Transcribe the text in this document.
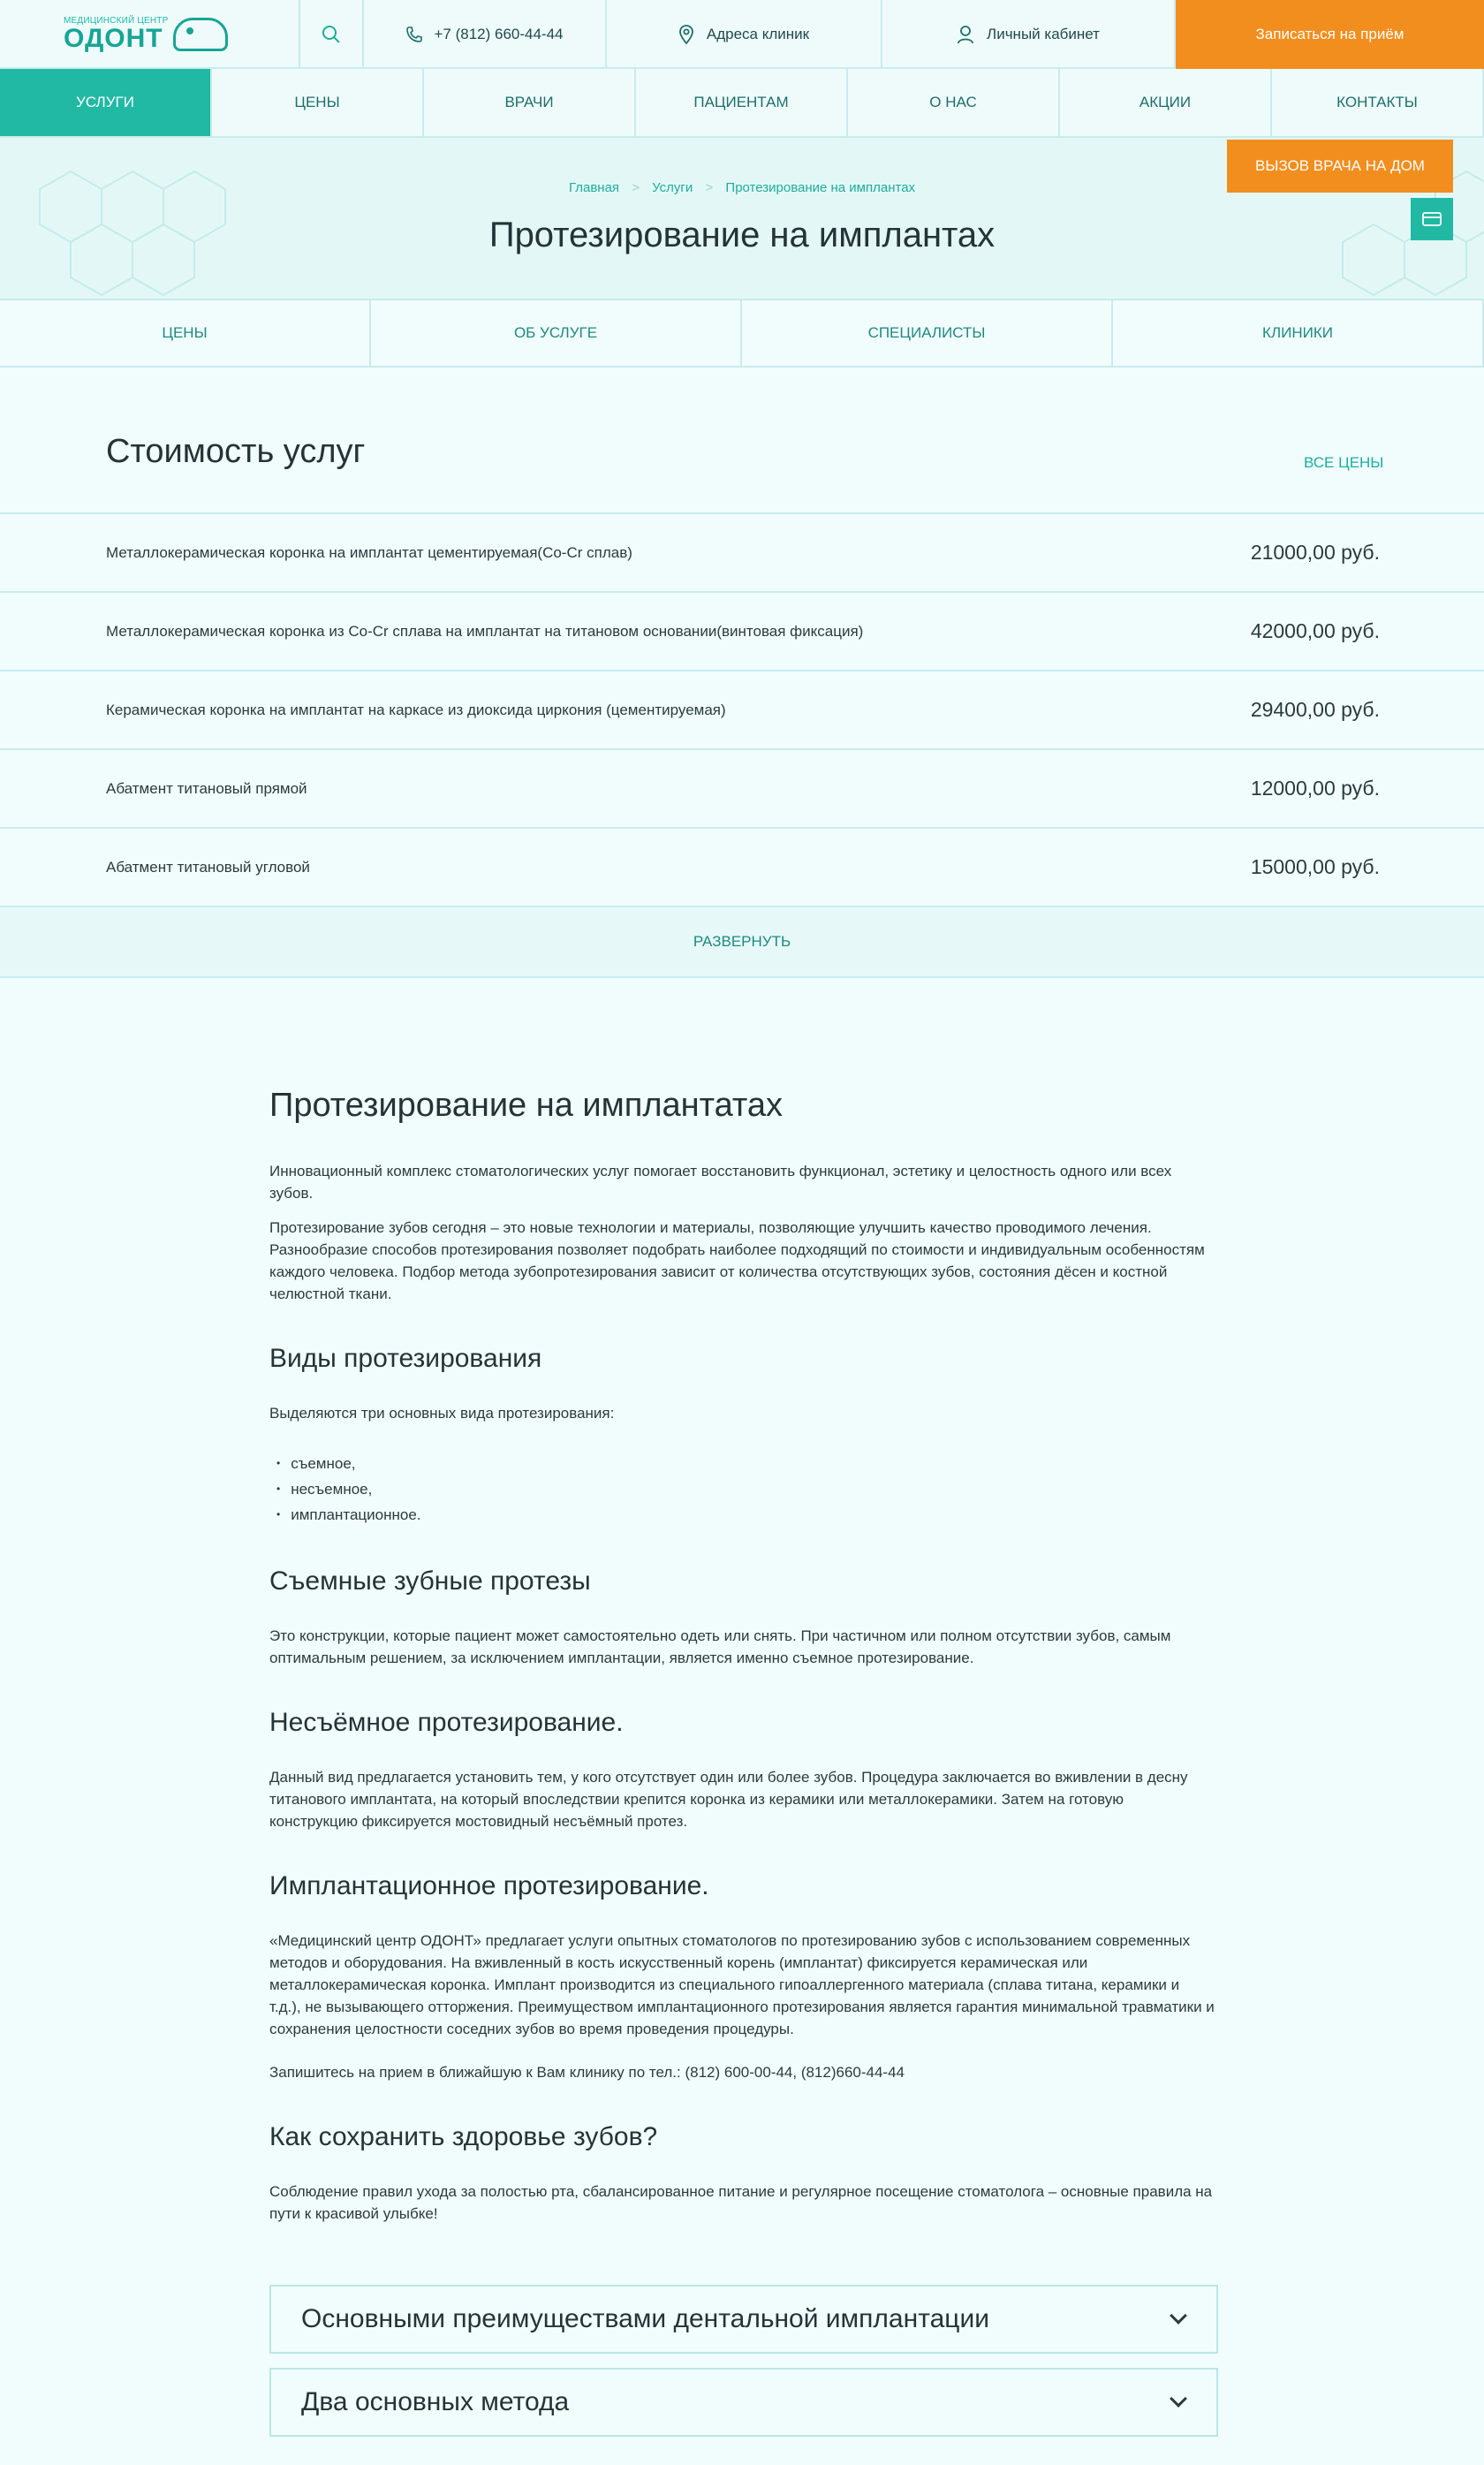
МЕДИЦИНСКИЙ ЦЕНТР
ОДОНТ	+7 (812) 660-44-44	Адреса клиник	Личный кабинет	Записаться на приём
УСЛУГИ	ЦЕНЫ	ВРАЧИ	ПАЦИЕНТАМ	О НАС	АКЦИИ	КОНТАКТЫ
Главная > Услуги > Протезирование на имплантах
Протезирование на имплантах
ВЫЗОВ ВРАЧА НА ДОМ
ЦЕНЫ	ОБ УСЛУГЕ	СПЕЦИАЛИСТЫ	КЛИНИКИ
Стоимость услуг	ВСЕ ЦЕНЫ
Металлокерамическая коронка на имплантат цементируемая(Co-Cr сплав)	21000,00 руб.
Металлокерамическая коронка из Co-Cr сплава на имплантат на титановом основании(винтовая фиксация)	42000,00 руб.
Керамическая коронка на имплантат на каркасе из диоксида циркония (цементируемая)	29400,00 руб.
Абатмент титановый прямой	12000,00 руб.
Абатмент титановый угловой	15000,00 руб.
РАЗВЕРНУТЬ
Протезирование на имплантатах

Инновационный комплекс стоматологических услуг помогает восстановить функционал, эстетику и целостность одного или всех зубов.

Протезирование зубов сегодня – это новые технологии и материалы, позволяющие улучшить качество проводимого лечения. Разнообразие способов протезирования позволяет подобрать наиболее подходящий по стоимости и индивидуальным особенностям каждого человека. Подбор метода зубопротезирования зависит от количества отсутствующих зубов, состояния дёсен и костной челюстной ткани.

Виды протезирования

Выделяются три основных вида протезирования:

• съемное,
• несъемное,
• имплантационное.
Съемные зубные протезы

Это конструкции, которые пациент может самостоятельно одеть или снять. При частичном или полном отсутствии зубов, самым оптимальным решением, за исключением имплантации, является именно съемное протезирование.

Несъёмное протезирование.

Данный вид предлагается установить тем, у кого отсутствует один или более зубов. Процедура заключается во вживлении в десну титанового имплантата, на который впоследствии крепится коронка из керамики или металлокерамики. Затем на готовую конструкцию фиксируется мостовидный несъёмный протез.

Имплантационное протезирование.

«Медицинский центр ОДОНТ» предлагает услуги опытных стоматологов по протезированию зубов с использованием современных методов и оборудования. На вживленный в кость искусственный корень (имплантат) фиксируется керамическая или металлокерамическая коронка. Имплант производится из специального гипоаллергенного материала (сплава титана, керамики и т.д.), не вызывающего отторжения. Преимуществом имплантационного протезирования является гарантия минимальной травматики и сохранения целостности соседних зубов во время проведения процедуры.

Запишитесь на прием в ближайшую к Вам клинику по тел.: (812) 600-00-44, (812)660-44-44

Как сохранить здоровье зубов?

Соблюдение правил ухода за полостью рта, сбалансированное питание и регулярное посещение стоматолога – основные правила на пути к красивой улыбке!

Основными преимуществами дентальной имплантации
Два основных метода
